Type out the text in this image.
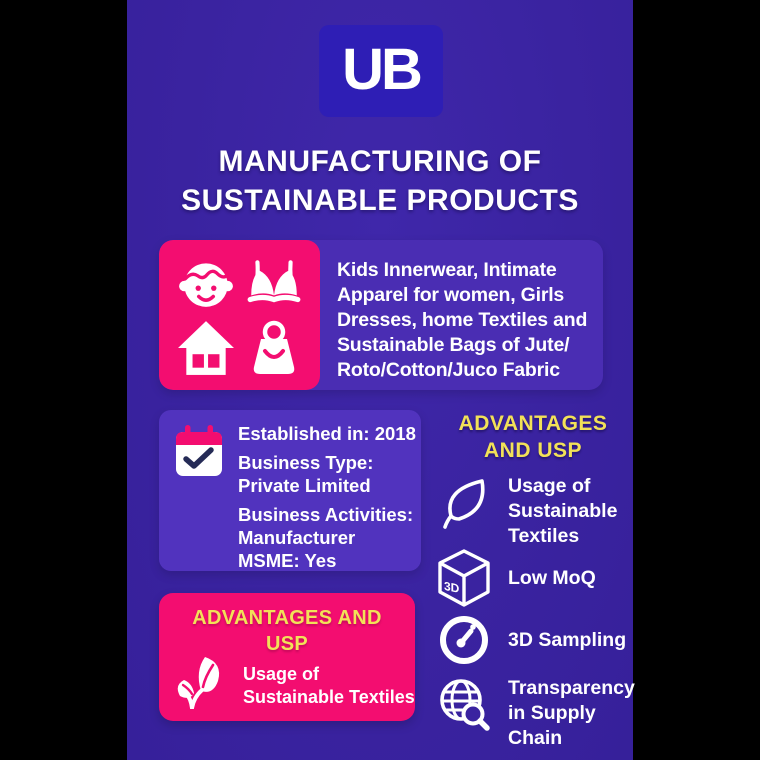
UB
MANUFACTURING OF
SUSTAINABLE PRODUCTS
Kids Innerwear, Intimate Apparel for women, Girls Dresses, home Textiles and Sustainable Bags of Jute/ Roto/Cotton/Juco Fabric
Established in: 2018
Business Type:
Private Limited
Business Activities:
Manufacturer
MSME: Yes
ADVANTAGES
AND USP
Usage of Sustainable Textiles
3D Low MoQ
3D Sampling
Transparency in Supply Chain
ADVANTAGES AND
USP
Usage of
Sustainable Textiles
